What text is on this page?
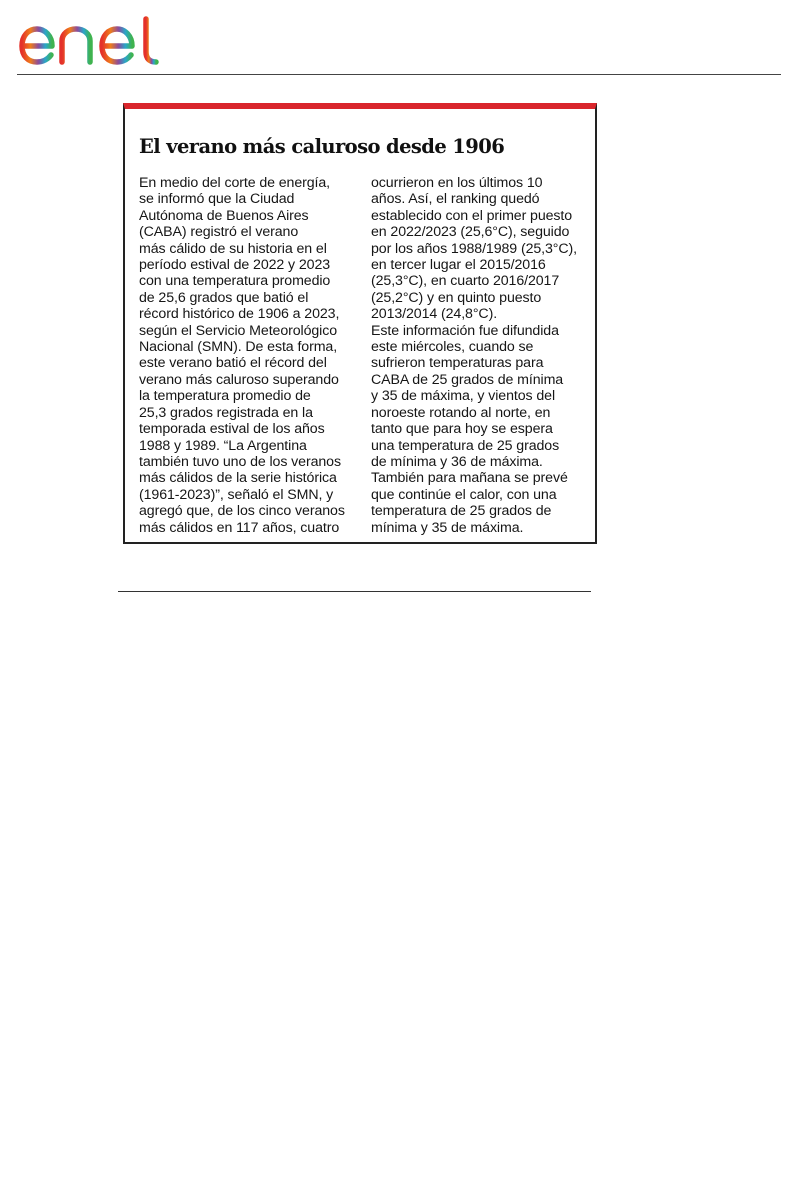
El verano más caluroso desde 1906
En medio del corte de energía,
se informó que la Ciudad
Autónoma de Buenos Aires
(CABA) registró el verano
más cálido de su historia en el
período estival de 2022 y 2023
con una temperatura promedio
de 25,6 grados que batió el
récord histórico de 1906 a 2023,
según el Servicio Meteorológico
Nacional (SMN). De esta forma,
este verano batió el récord del
verano más caluroso superando
la temperatura promedio de
25,3 grados registrada en la
temporada estival de los años
1988 y 1989. “La Argentina
también tuvo uno de los veranos
más cálidos de la serie histórica
(1961-2023)”, señaló el SMN, y
agregó que, de los cinco veranos
más cálidos en 117 años, cuatro
ocurrieron en los últimos 10
años. Así, el ranking quedó
establecido con el primer puesto
en 2022/2023 (25,6°C), seguido
por los años 1988/1989 (25,3°C),
en tercer lugar el 2015/2016
(25,3°C), en cuarto 2016/2017
(25,2°C) y en quinto puesto
2013/2014 (24,8°C).
Este información fue difundida
este miércoles, cuando se
sufrieron temperaturas para
CABA de 25 grados de mínima
y 35 de máxima, y vientos del
noroeste rotando al norte, en
tanto que para hoy se espera
una temperatura de 25 grados
de mínima y 36 de máxima.
También para mañana se prevé
que continúe el calor, con una
temperatura de 25 grados de
mínima y 35 de máxima.
